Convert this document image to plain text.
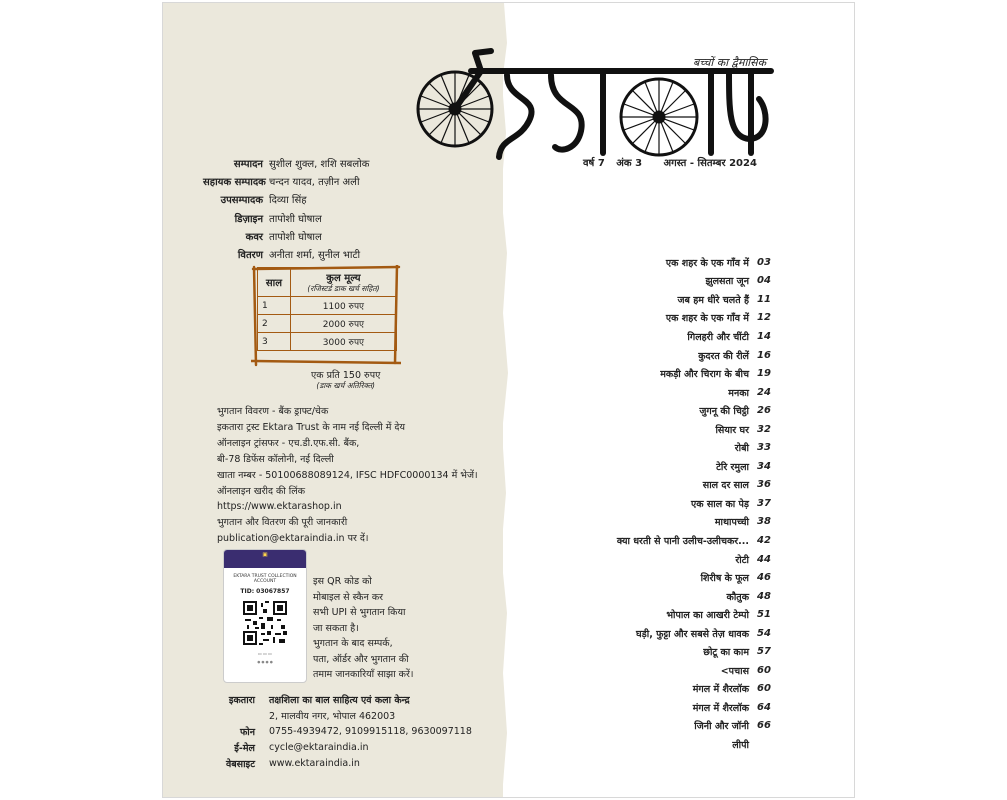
बच्चों का द्वैमासिक
वर्ष 7 अंक 3 अगस्त - सितम्बर 2024
सम्पादन सुशील शुक्ल, शशि सबलोक
सहायक सम्पादक चन्दन यादव, तज़ीन अली
उपसम्पादक दिव्या सिंह
डिज़ाइन तापोशी घोषाल
कवर तापोशी घोषाल
वितरण अनीता शर्मा, सुनील भाटी
साल	कुल मूल्य
(रजिस्टर्ड डाक खर्च सहित)

1	1100 रुपए
2	2000 रुपए
3	3000 रुपए
एक प्रति 150 रुपए
(डाक खर्च अतिरिक्त)
भुगतान विवरण - बैंक ड्राफ्ट/चेक
इकतारा ट्रस्ट Ektara Trust के नाम नई दिल्ली में देय
ऑनलाइन ट्रांसफर - एच.डी.एफ.सी. बैंक,
बी-78 डिफेंस कॉलोनी, नई दिल्ली
खाता नम्बर - 50100688089124, IFSC HDFC0000134 में भेजें।
ऑनलाइन खरीद की लिंक
https://www.ektarashop.in
भुगतान और वितरण की पूरी जानकारी
publication@ektaraindia.in पर दें।
▣
EKTARA TRUST COLLECTION ACCOUNT
TID: 03067857
▭ ▭ ▭
● ● ● ●
इस QR कोड को
मोबाइल से स्कैन कर
सभी UPI से भुगतान किया
जा सकता है।
भुगतान के बाद सम्पर्क,
पता, ऑर्डर और भुगतान की
तमाम जानकारियाँ साझा करें।
इकतारा	तक्षशिला का बाल साहित्य एवं कला केन्द्र
2, मालवीय नगर, भोपाल 462003
फोन	0755-4939472, 9109915118, 9630097118
ई-मेल	cycle@ektaraindia.in
वेबसाइट	www.ektaraindia.in
एक शहर के एक गाँव में 03
झुलसता जून 04
जब हम धीरे चलते हैं 11
एक शहर के एक गाँव में 12
गिलहरी और चींटी 14
कुदरत की रीलें 16
मकड़ी और चिराग के बीच 19
मनका 24
जुगनू की चिट्ठी 26
सियार घर 32
रोबी 33
टेरि रमुला 34
साल दर साल 36
एक साल का पेड़ 37
माथापच्ची 38
क्या धरती से पानी उलीच-उलीचकर... 42
रोटी 44
शिरीष के फूल 46
कौतुक 48
भोपाल का आखरी टेम्पो 51
घड़ी, फुट्टा और सबसे तेज़ धावक 54
छोटू का काम 57
<पचास 60
मंगल में शैरलॉक 60
मंगल में शैरलॉक 64
जिनी और जॉनी 66
लीपी
